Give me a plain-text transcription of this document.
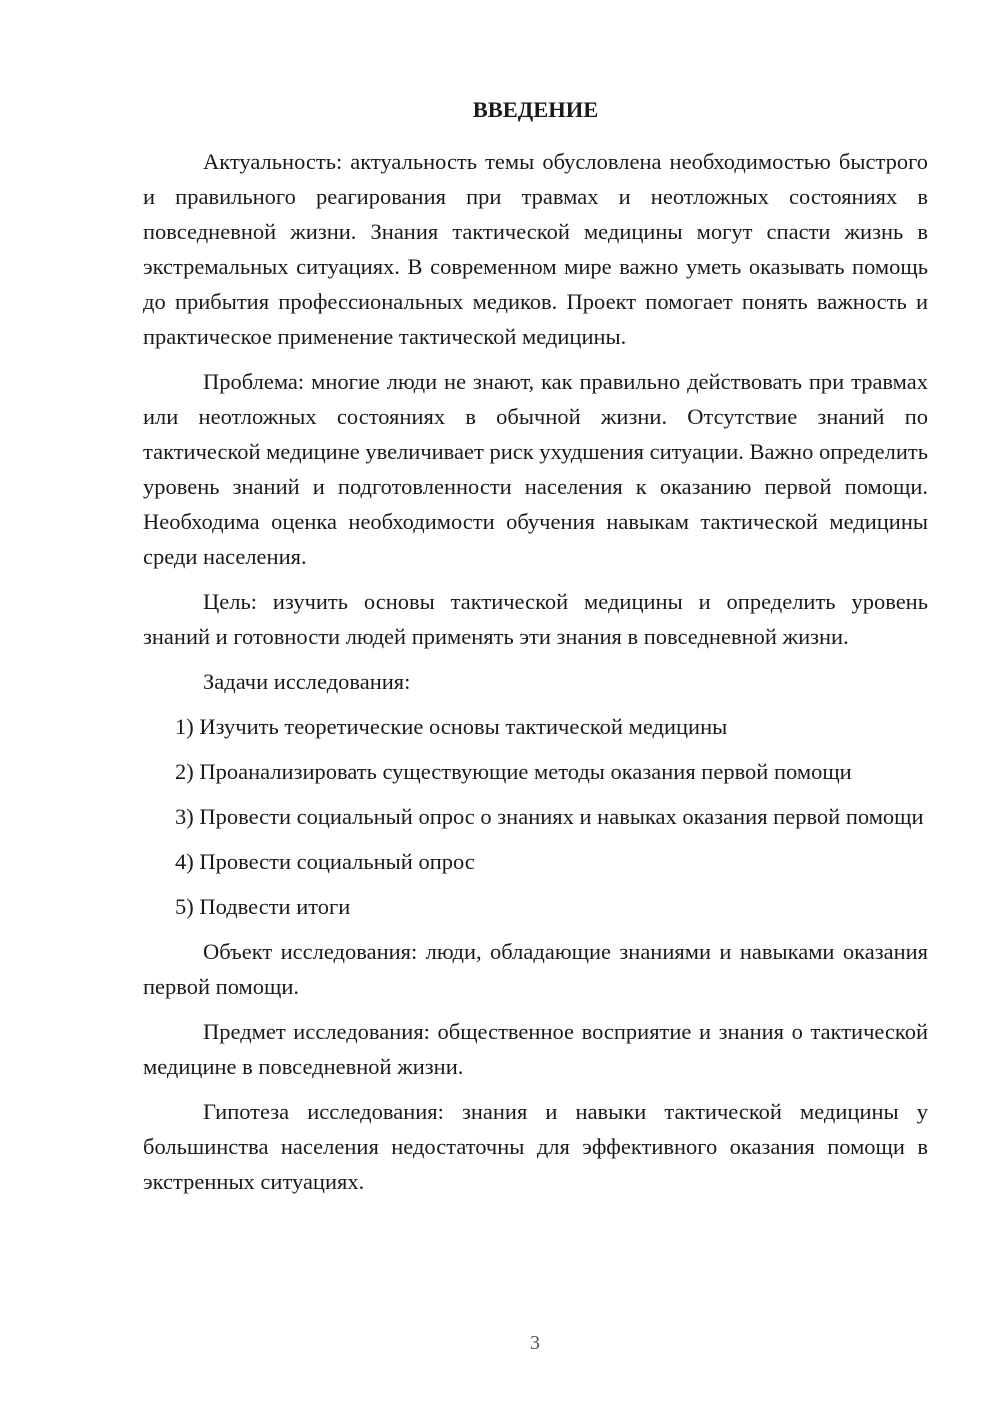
ВВЕДЕНИЕ

Актуальность: актуальность темы обусловлена необходимостью быстрого и правильного реагирования при травмах и неотложных состояниях в повседневной жизни. Знания тактической медицины могут спасти жизнь в экстремальных ситуациях. В современном мире важно уметь оказывать помощь до прибытия профессиональных медиков. Проект помогает понять важность и практическое применение тактической медицины.

Проблема: многие люди не знают, как правильно действовать при травмах или неотложных состояниях в обычной жизни. Отсутствие знаний по тактической медицине увеличивает риск ухудшения ситуации. Важно определить уровень знаний и подготовленности населения к оказанию первой помощи. Необходима оценка необходимости обучения навыкам тактической медицины среди населения.

Цель: изучить основы тактической медицины и определить уровень знаний и готовности людей применять эти знания в повседневной жизни.

Задачи исследования:

1) Изучить теоретические основы тактической медицины

2) Проанализировать существующие методы оказания первой помощи

3) Провести социальный опрос о знаниях и навыках оказания первой помощи

4) Провести социальный опрос

5) Подвести итоги

Объект исследования: люди, обладающие знаниями и навыками оказания первой помощи.

Предмет исследования: общественное восприятие и знания о тактической медицине в повседневной жизни.

Гипотеза исследования: знания и навыки тактической медицины у большинства населения недостаточны для эффективного оказания помощи в экстренных ситуациях.

3
